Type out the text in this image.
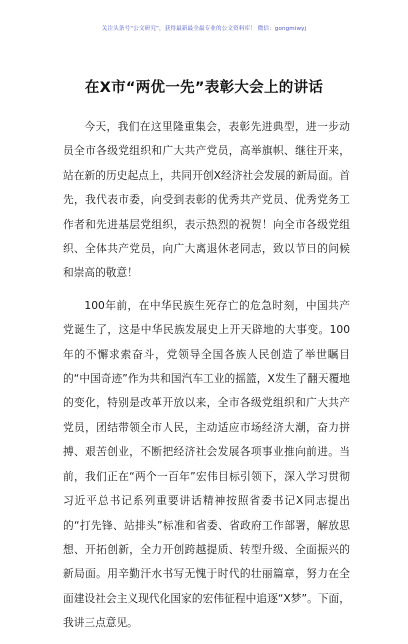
关注头条号“公文研究”，获得最新最全最专业的公文资料库！ 微信：gongmiwyj
在X市“两优一先”表彰大会上的讲话

今天，我们在这里隆重集会，表彰先进典型，进一步动员全市各级党组织和广大共产党员，高举旗帜、继往开来，站在新的历史起点上，共同开创X经济社会发展的新局面。首先，我代表市委，向受到表彰的优秀共产党员、优秀党务工作者和先进基层党组织，表示热烈的祝贺！向全市各级党组织、全体共产党员，向广大离退休老同志，致以节日的问候和崇高的敬意！

100年前，在中华民族生死存亡的危急时刻，中国共产党诞生了，这是中华民族发展史上开天辟地的大事变。100年的不懈求索奋斗，党领导全国各族人民创造了举世瞩目的“中国奇迹”作为共和国汽车工业的摇篮，X发生了翻天覆地的变化，特别是改革开放以来，全市各级党组织和广大共产党员，团结带领全市人民，主动适应市场经济大潮，奋力拼搏、艰苦创业，不断把经济社会发展各项事业推向前进。当前，我们正在“两个一百年”宏伟目标引领下，深入学习贯彻习近平总书记系列重要讲话精神按照省委书记X同志提出的“打先锋、站排头”标准和省委、省政府工作部署，解放思想、开拓创新，全力开创跨越提质、转型升级、全面振兴的新局面。用辛勤汗水书写无愧于时代的壮丽篇章，努力在全面建设社会主义现代化国家的宏伟征程中追逐“X梦”。下面，我讲三点意见。
